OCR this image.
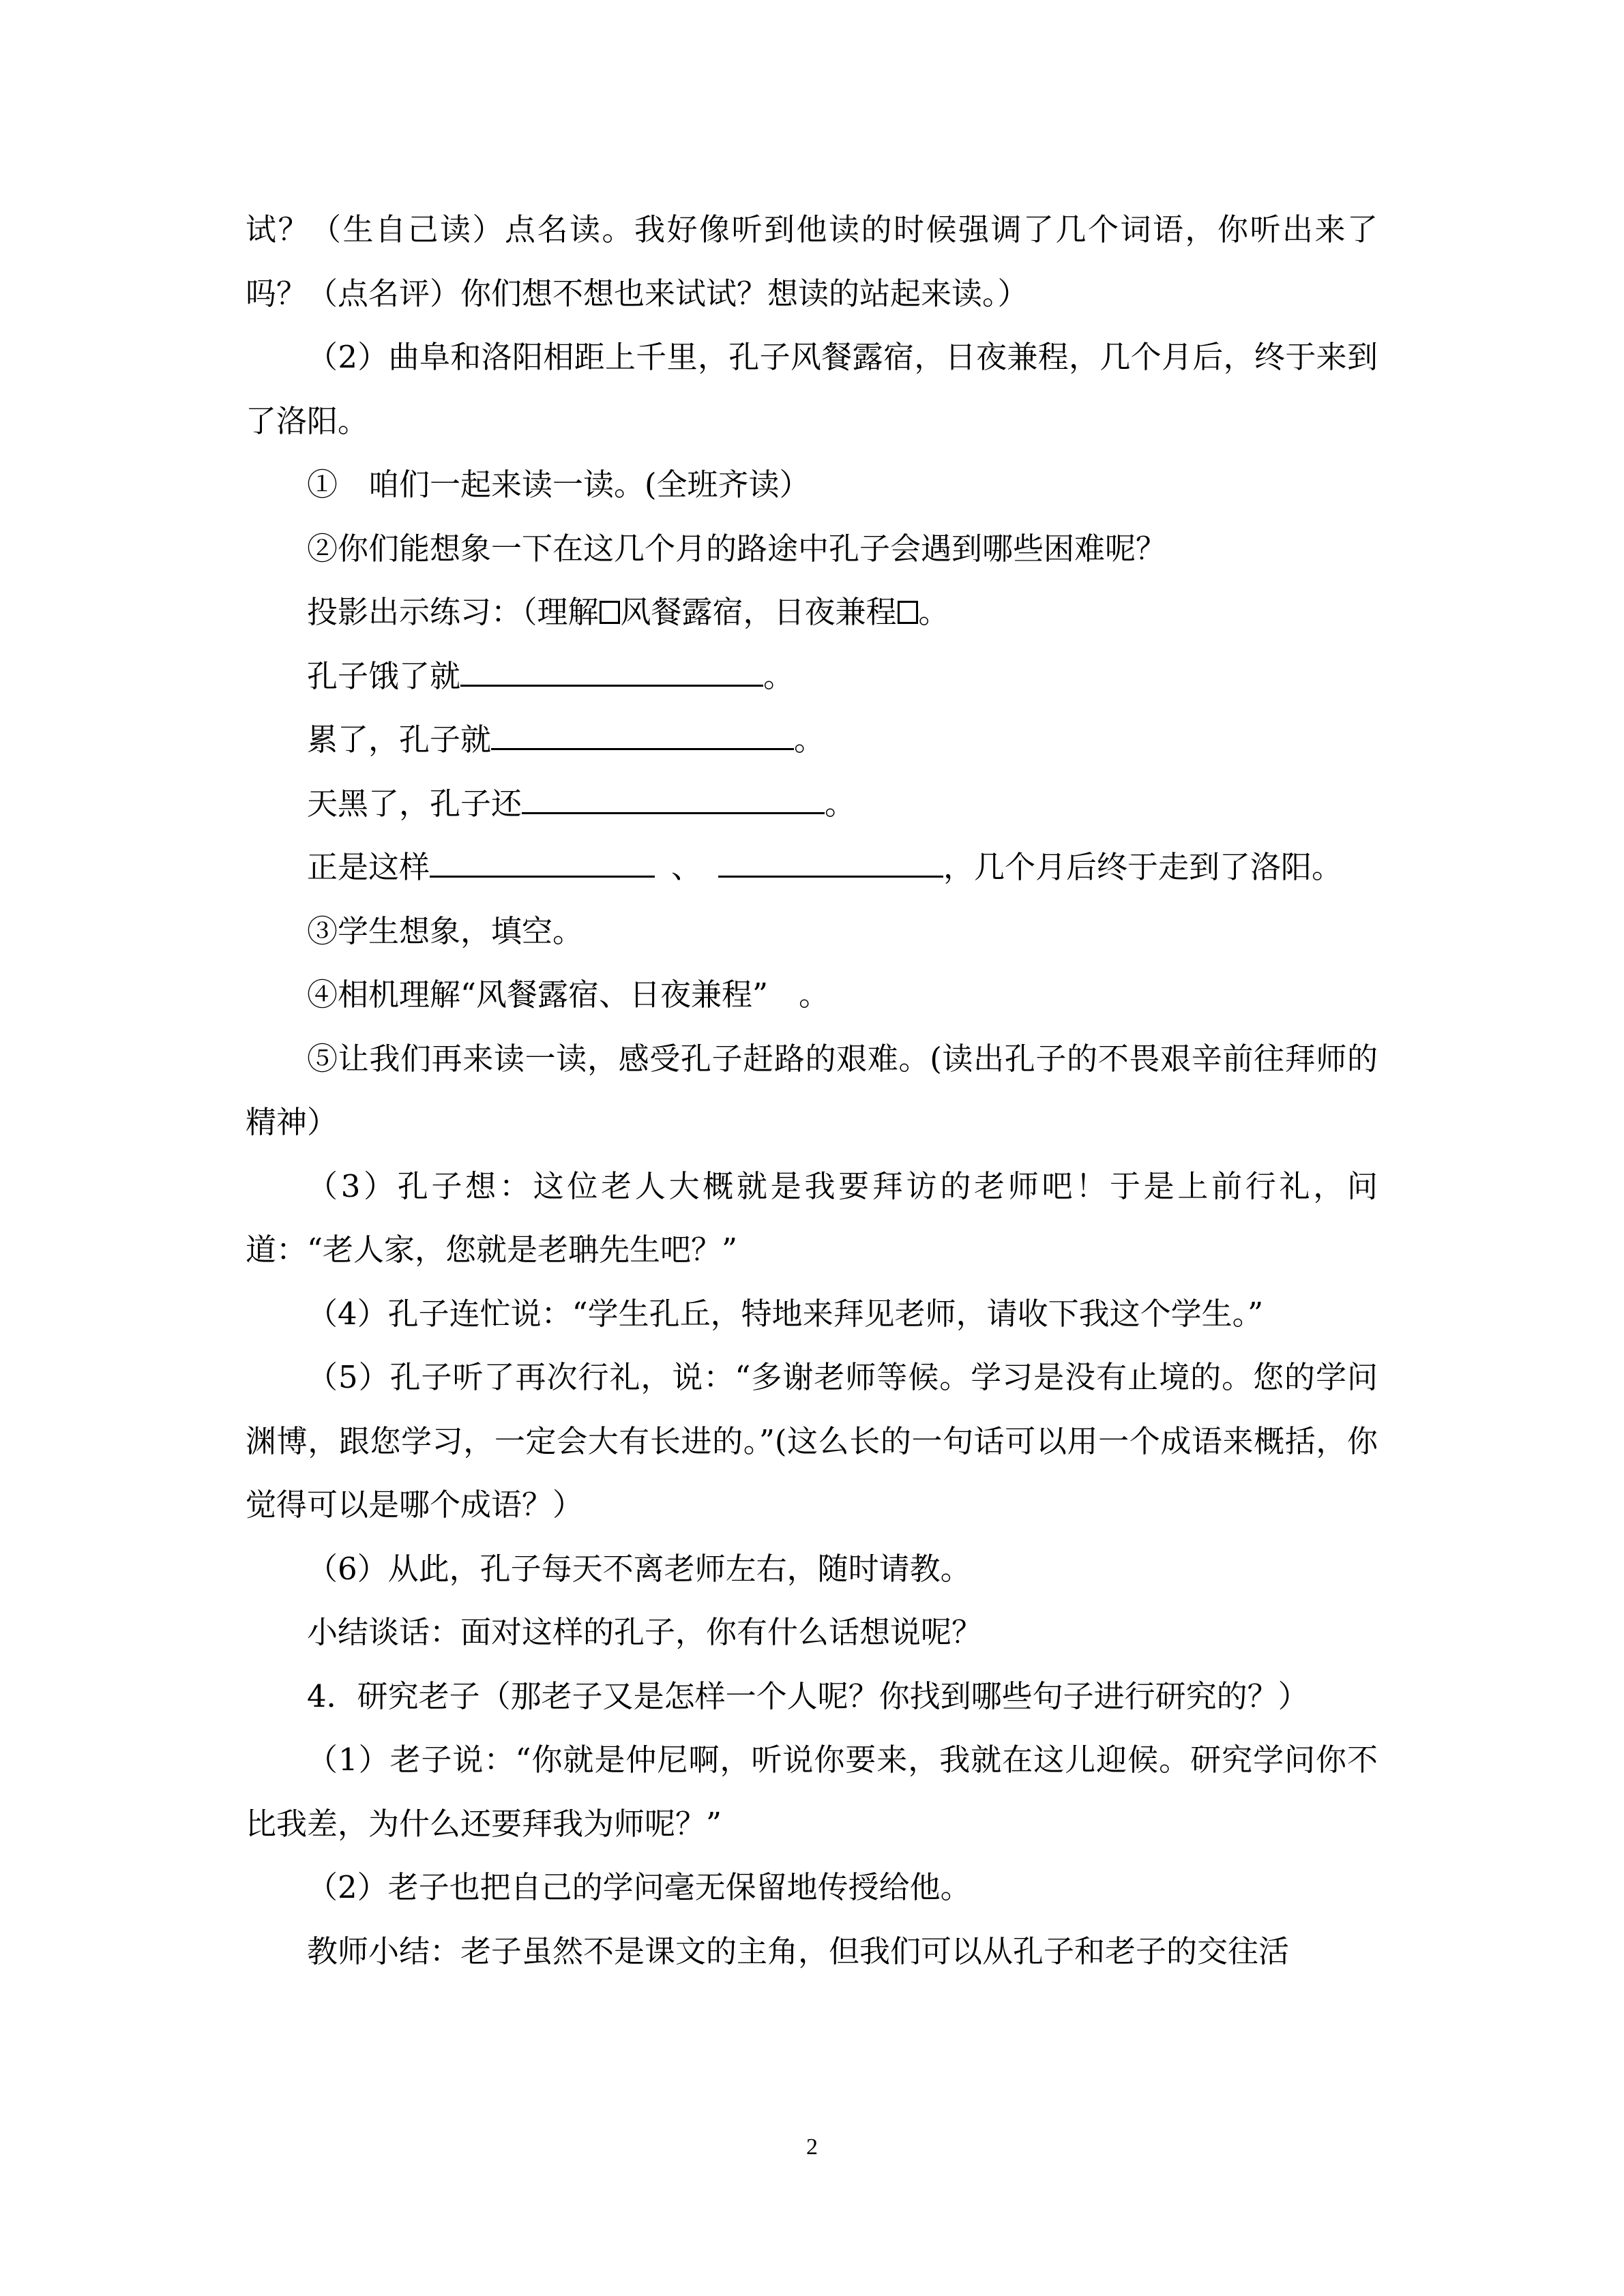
试？（生自己读）点名读。我好像听到他读的时候强调了几个词语，你听出来了吗？（点名评）你们想不想也来试试？想读的站起来读。）

（2）曲阜和洛阳相距上千里，孔子风餐露宿，日夜兼程，几个月后，终于来到了洛阳。

①　咱们一起来读一读。(全班齐读）

②你们能想象一下在这几个月的路途中孔子会遇到哪些困难呢？

投影出示练习：（理解 风餐露宿，日夜兼程 。

孔子饿了就	。

累了，孔子就	。

天黑了，孔子还	。

正是这样	、	，几个月后终于走到了洛阳。

③学生想象，填空。

④相机理解“风餐露宿、日夜兼程”　。

⑤让我们再来读一读，感受孔子赶路的艰难。(读出孔子的不畏艰辛前往拜师的精神）

（3）孔子想：这位老人大概就是我要拜访的老师吧！于是上前行礼，问道：“老人家，您就是老聃先生吧？”

（4）孔子连忙说：“学生孔丘，特地来拜见老师，请收下我这个学生。”

（5）孔子听了再次行礼，说：“多谢老师等候。学习是没有止境的。您的学问渊博，跟您学习，一定会大有长进的。”(这么长的一句话可以用一个成语来概括，你觉得可以是哪个成语？）

（6）从此，孔子每天不离老师左右，随时请教。

小结谈话：面对这样的孔子，你有什么话想说呢？

4．研究老子（那老子又是怎样一个人呢？你找到哪些句子进行研究的？）

（1）老子说：“你就是仲尼啊，听说你要来，我就在这儿迎候。研究学问你不比我差，为什么还要拜我为师呢？”

（2）老子也把自己的学问毫无保留地传授给他。

教师小结：老子虽然不是课文的主角，但我们可以从孔子和老子的交往活

2
